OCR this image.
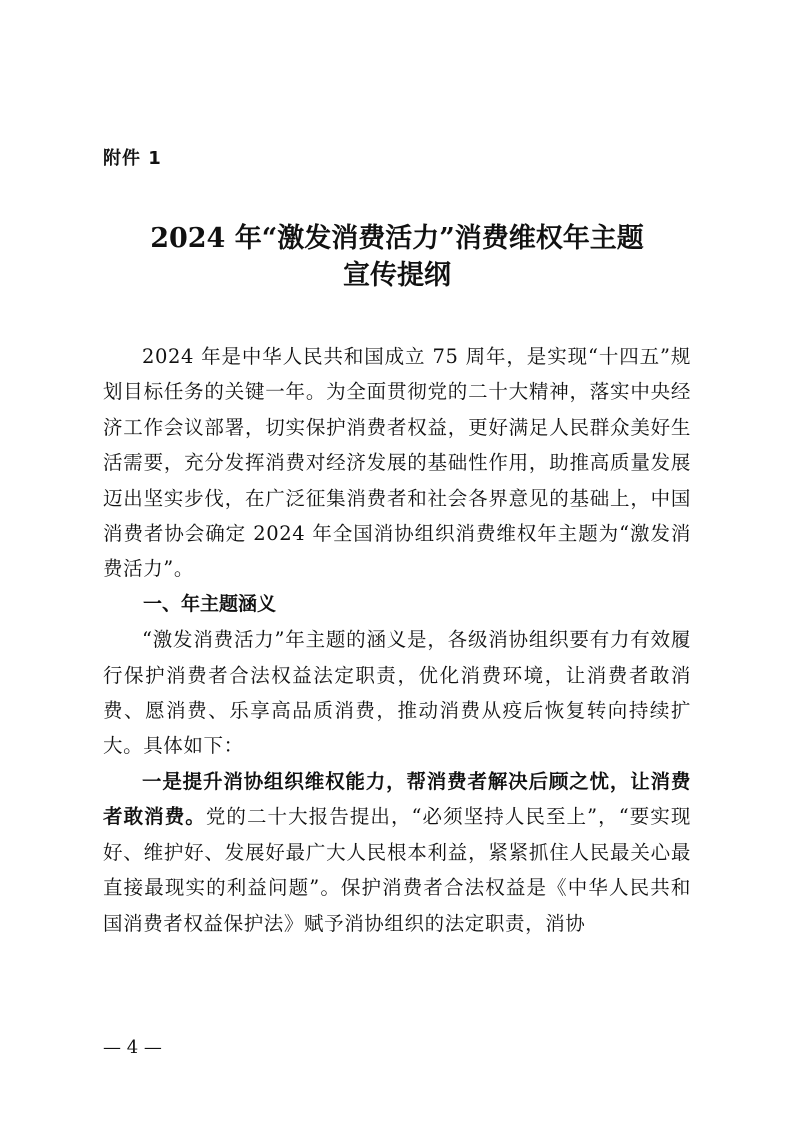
附件 1
2024 年“激发消费活力”消费维权年主题
宣传提纲

2024 年是中华人民共和国成立 75 周年，是实现“十四五”规划目标任务的关键一年。为全面贯彻党的二十大精神，落实中央经济工作会议部署，切实保护消费者权益，更好满足人民群众美好生活需要，充分发挥消费对经济发展的基础性作用，助推高质量发展迈出坚实步伐，在广泛征集消费者和社会各界意见的基础上，中国消费者协会确定 2024 年全国消协组织消费维权年主题为“激发消费活力”。

一、年主题涵义

“激发消费活力”年主题的涵义是，各级消协组织要有力有效履行保护消费者合法权益法定职责，优化消费环境，让消费者敢消费、愿消费、乐享高品质消费，推动消费从疫后恢复转向持续扩大。具体如下：

一是提升消协组织维权能力，帮消费者解决后顾之忧，让消费者敢消费。党的二十大报告提出，“必须坚持人民至上”，“要实现好、维护好、发展好最广大人民根本利益，紧紧抓住人民最关心最直接最现实的利益问题”。保护消费者合法权益是《中华人民共和国消费者权益保护法》赋予消协组织的法定职责，消协

— 4 —
